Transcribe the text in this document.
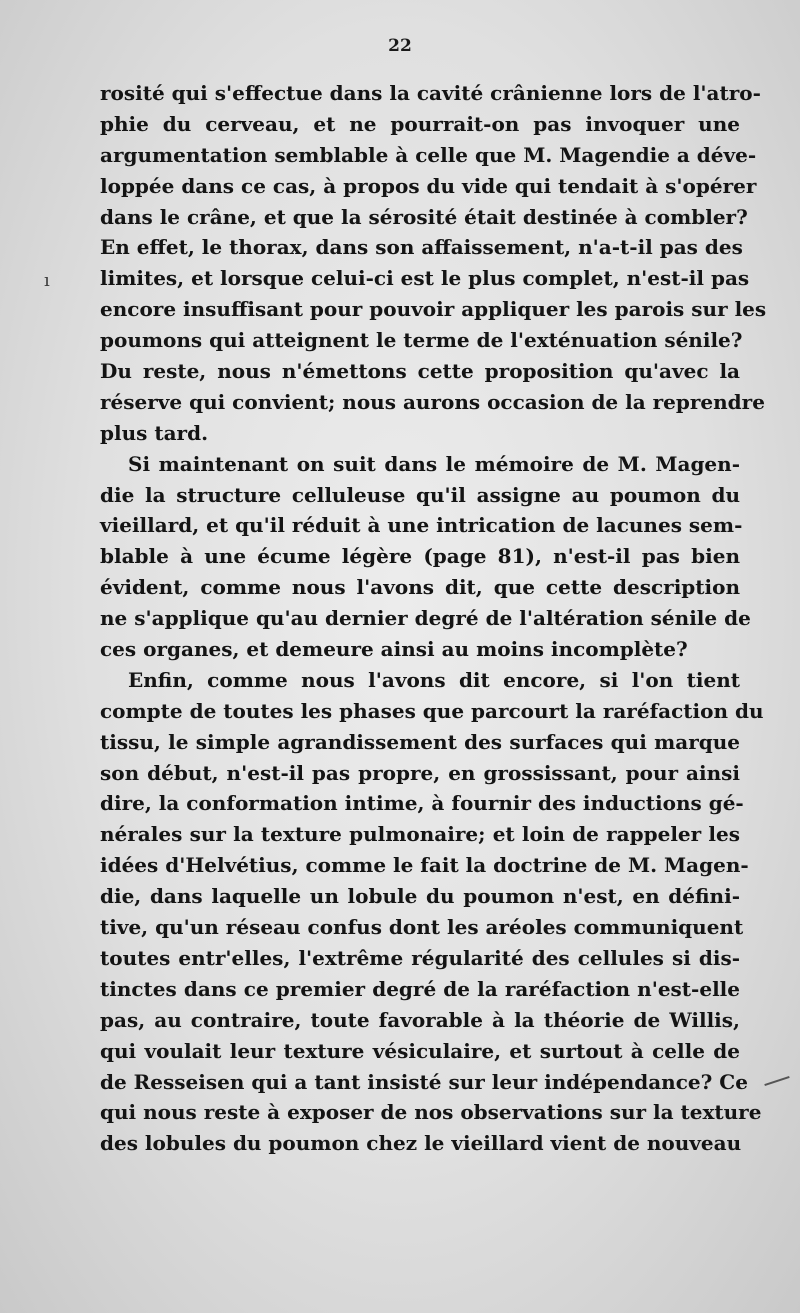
22
ı
rosité qui s'effectue dans la cavité crânienne lors de l'atro-
phie du cerveau, et ne pourrait-on pas invoquer une
argumentation semblable à celle que M. Magendie a déve-
loppée dans ce cas, à propos du vide qui tendait à s'opérer
dans le crâne, et que la sérosité était destinée à combler?
En effet, le thorax, dans son affaissement, n'a-t-il pas des
limites, et lorsque celui-ci est le plus complet, n'est-il pas
encore insuffisant pour pouvoir appliquer les parois sur les
poumons qui atteignent le terme de l'exténuation sénile?
Du reste, nous n'émettons cette proposition qu'avec la
réserve qui convient; nous aurons occasion de la reprendre
plus tard.
Si maintenant on suit dans le mémoire de M. Magen-
die la structure celluleuse qu'il assigne au poumon du
vieillard, et qu'il réduit à une intrication de lacunes sem-
blable à une écume légère (page 81), n'est-il pas bien
évident, comme nous l'avons dit, que cette description
ne s'applique qu'au dernier degré de l'altération sénile de
ces organes, et demeure ainsi au moins incomplète?
Enfin, comme nous l'avons dit encore, si l'on tient
compte de toutes les phases que parcourt la raréfaction du
tissu, le simple agrandissement des surfaces qui marque
son début, n'est-il pas propre, en grossissant, pour ainsi
dire, la conformation intime, à fournir des inductions gé-
nérales sur la texture pulmonaire; et loin de rappeler les
idées d'Helvétius, comme le fait la doctrine de M. Magen-
die, dans laquelle un lobule du poumon n'est, en défini-
tive, qu'un réseau confus dont les aréoles communiquent
toutes entr'elles, l'extrême régularité des cellules si dis-
tinctes dans ce premier degré de la raréfaction n'est-elle
pas, au contraire, toute favorable à la théorie de Willis,
qui voulait leur texture vésiculaire, et surtout à celle de
de Resseisen qui a tant insisté sur leur indépendance? Ce
qui nous reste à exposer de nos observations sur la texture
des lobules du poumon chez le vieillard vient de nouveau
